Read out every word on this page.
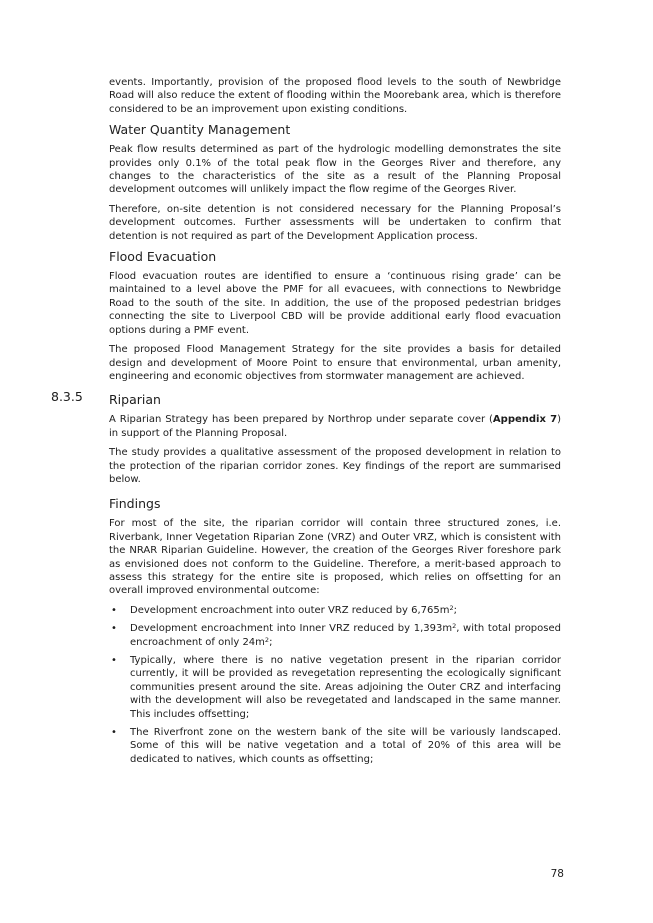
events. Importantly, provision of the proposed flood levels to the south of Newbridge Road will also reduce the extent of flooding within the Moorebank area, which is therefore considered to be an improvement upon existing conditions.

Water Quantity Management

Peak flow results determined as part of the hydrologic modelling demonstrates the site provides only 0.1% of the total peak flow in the Georges River and therefore, any changes to the characteristics of the site as a result of the Planning Proposal development outcomes will unlikely impact the flow regime of the Georges River.

Therefore, on-site detention is not considered necessary for the Planning Proposal’s development outcomes. Further assessments will be undertaken to confirm that detention is not required as part of the Development Application process.

Flood Evacuation

Flood evacuation routes are identified to ensure a ‘continuous rising grade’ can be maintained to a level above the PMF for all evacuees, with connections to Newbridge Road to the south of the site. In addition, the use of the proposed pedestrian bridges connecting the site to Liverpool CBD will be provide additional early flood evacuation options during a PMF event.

The proposed Flood Management Strategy for the site provides a basis for detailed design and development of Moore Point to ensure that environmental, urban amenity, engineering and economic objectives from stormwater management are achieved.

8.3.5 Riparian

A Riparian Strategy has been prepared by Northrop under separate cover (Appendix 7) in support of the Planning Proposal.

The study provides a qualitative assessment of the proposed development in relation to the protection of the riparian corridor zones. Key findings of the report are summarised below.

Findings

For most of the site, the riparian corridor will contain three structured zones, i.e. Riverbank, Inner Vegetation Riparian Zone (VRZ) and Outer VRZ, which is consistent with the NRAR Riparian Guideline. However, the creation of the Georges River foreshore park as envisioned does not conform to the Guideline. Therefore, a merit-based approach to assess this strategy for the entire site is proposed, which relies on offsetting for an overall improved environmental outcome:

• Development encroachment into outer VRZ reduced by $6,765m^2$;

• Development encroachment into Inner VRZ reduced by $1,393m^2$, with total proposed encroachment of only $24m^2$;

• Typically, where there is no native vegetation present in the riparian corridor currently, it will be provided as revegetation representing the ecologically significant communities present around the site. Areas adjoining the Outer CRZ and interfacing with the development will also be revegetated and landscaped in the same manner. This includes offsetting;

• The Riverfront zone on the western bank of the site will be variously landscaped. Some of this will be native vegetation and a total of 20% of this area will be dedicated to natives, which counts as offsetting;

78
